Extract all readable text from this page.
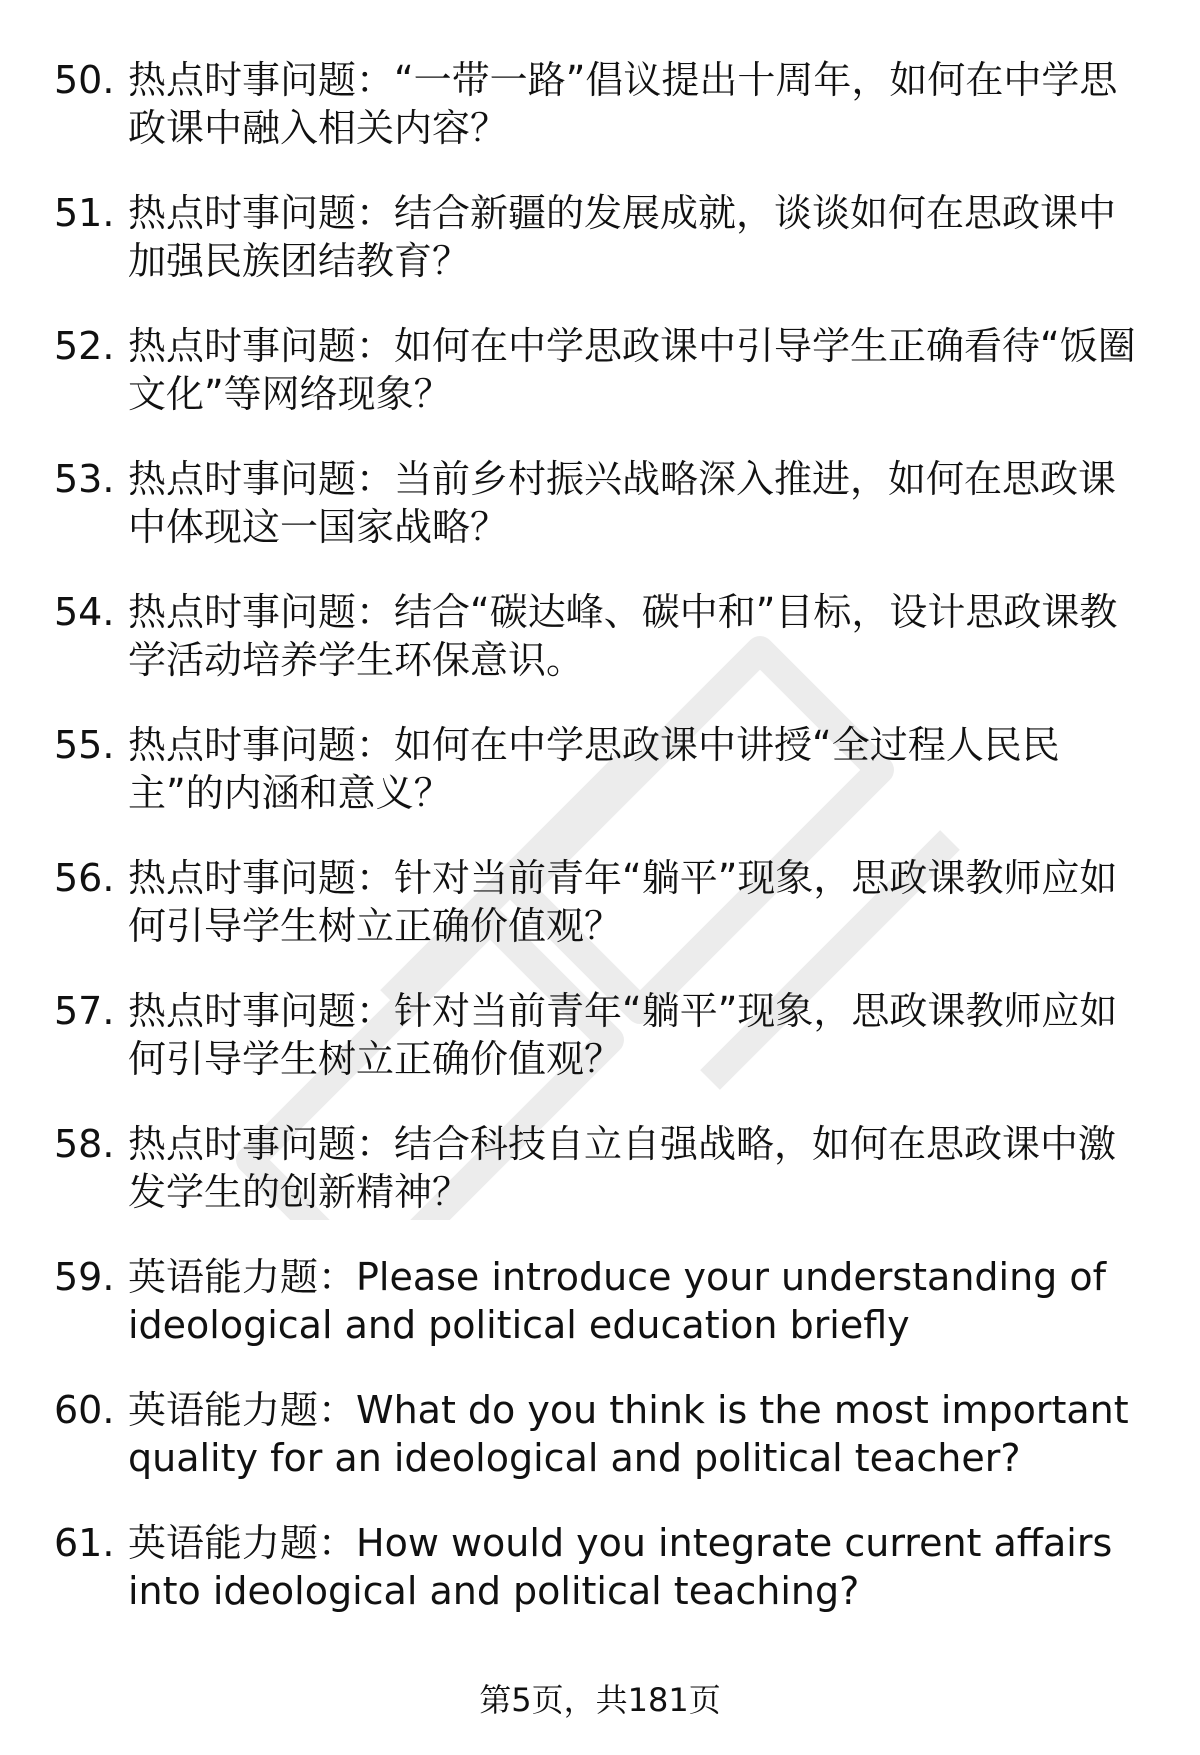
50. 热点时事问题：“一带一路”倡议提出十周年，如何在中学思政课中融入相关内容？
51. 热点时事问题：结合新疆的发展成就，谈谈如何在思政课中加强民族团结教育？
52. 热点时事问题：如何在中学思政课中引导学生正确看待“饭圈文化”等网络现象？
53. 热点时事问题：当前乡村振兴战略深入推进，如何在思政课中体现这一国家战略？
54. 热点时事问题：结合“碳达峰、碳中和”目标，设计思政课教学活动培养学生环保意识。
55. 热点时事问题：如何在中学思政课中讲授“全过程人民民主”的内涵和意义？
56. 热点时事问题：针对当前青年“躺平”现象，思政课教师应如何引导学生树立正确价值观？
57. 热点时事问题：针对当前青年“躺平”现象，思政课教师应如何引导学生树立正确价值观？
58. 热点时事问题：结合科技自立自强战略，如何在思政课中激发学生的创新精神？
59. 英语能力题：Please introduce your understanding of ideological and political education briefly
60. 英语能力题：What do you think is the most important quality for an ideological and political teacher?
61. 英语能力题：How would you integrate current affairs into ideological and political teaching?
第5页，共181页
